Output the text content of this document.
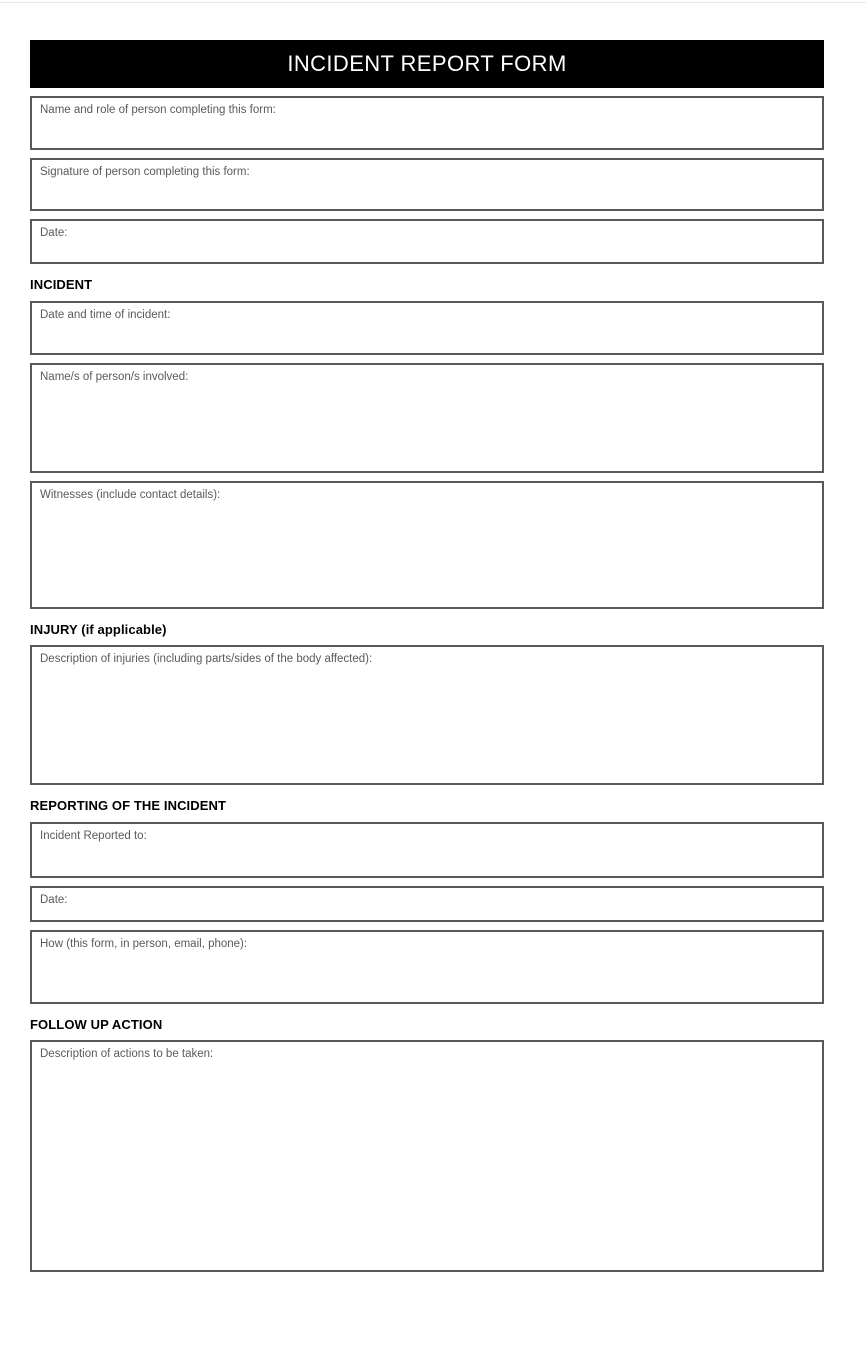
INCIDENT REPORT FORM
Name and role of person completing this form:
Signature of person completing this form:
Date:
INCIDENT
Date and time of incident:
Name/s of person/s involved:
Witnesses (include contact details):
INJURY (if applicable)
Description of injuries (including parts/sides of the body affected):
REPORTING OF THE INCIDENT
Incident Reported to:
Date:
How (this form, in person, email, phone):
FOLLOW UP ACTION
Description of actions to be taken:
